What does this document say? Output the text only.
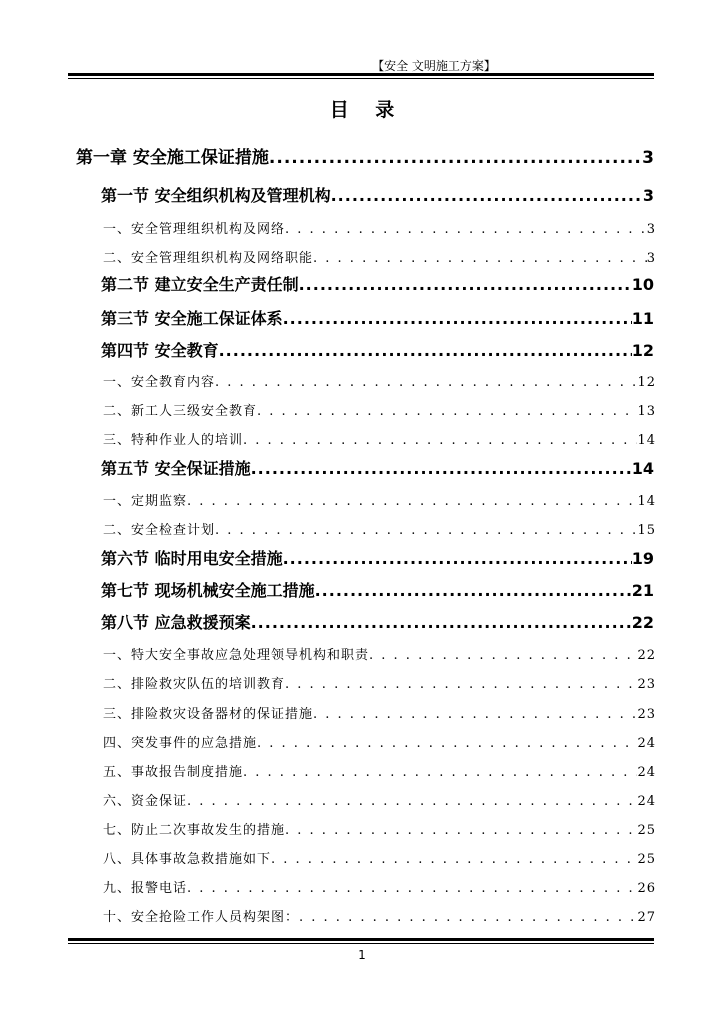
【安全 文明施工方案】
目 录
第一章 安全施工保证措施 .....	3
第一节 安全组织机构及管理机构 .....	3
一、安全管理组织机构及网络 . . .	3
二、安全管理组织机构及网络职能 . . .	3
第二节 建立安全生产责任制 .....	10
第三节 安全施工保证体系 .....	11
第四节 安全教育 .....	12
一、安全教育内容 . . .	12
二、新工人三级安全教育 . . .	13
三、特种作业人的培训 . . .	14
第五节 安全保证措施 .....	14
一、定期监察 . . .	14
二、安全检查计划 . . .	15
第六节 临时用电安全措施 .....	19
第七节 现场机械安全施工措施 .....	21
第八节 应急救援预案 .....	22
一、特大安全事故应急处理领导机构和职责 . . .	22
二、排险救灾队伍的培训教育 . . .	23
三、排险救灾设备器材的保证措施 . . .	23
四、突发事件的应急措施 . . .	24
五、事故报告制度措施 . . .	24
六、资金保证 . . .	24
七、防止二次事故发生的措施 . . .	25
八、具体事故急救措施如下 . . .	25
九、报警电话 . . .	26
十、安全抢险工作人员构架图： . . .	27
1
